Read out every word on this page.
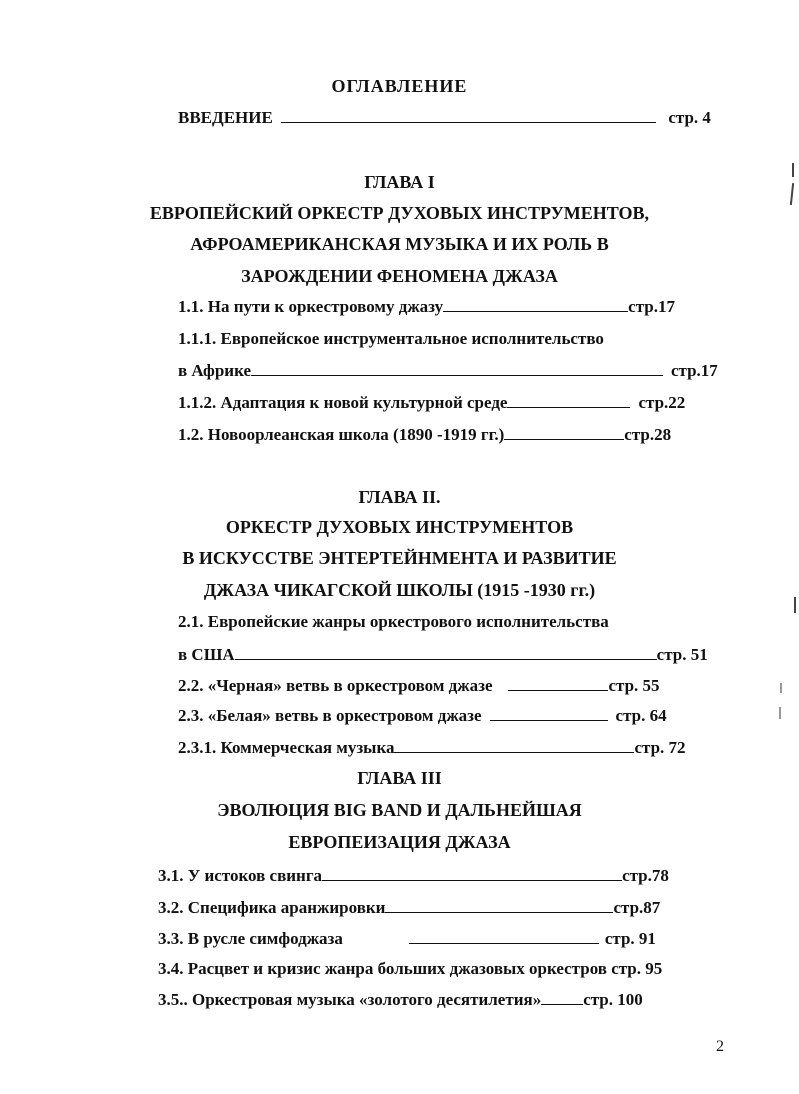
ОГЛАВЛЕНИЕ
ВВЕДЕНИЕ	стр. 4
ГЛАВА I
ЕВРОПЕЙСКИЙ ОРКЕСТР ДУХОВЫХ ИНСТРУМЕНТОВ,
АФРОАМЕРИКАНСКАЯ МУЗЫКА И ИХ РОЛЬ В
ЗАРОЖДЕНИИ ФЕНОМЕНА ДЖАЗА
1.1. На пути к оркестровому джазу	стр.17
1.1.1. Европейское инструментальное исполнительство
в Африке	стр.17
1.1.2. Адаптация к новой культурной среде	стр.22
1.2. Новоорлеанская школа (1890 -1919 гг.)	стр.28
ГЛАВА II.
ОРКЕСТР ДУХОВЫХ ИНСТРУМЕНТОВ
В ИСКУССТВЕ ЭНТЕРТЕЙНМЕНТА И РАЗВИТИЕ
ДЖАЗА ЧИКАГСКОЙ ШКОЛЫ (1915 -1930 гг.)
2.1. Европейские жанры оркестрового исполнительства
в США	стр. 51
2.2. «Черная» ветвь в оркестровом джазе	стр. 55
2.3. «Белая» ветвь в оркестровом джазе	стр. 64
2.3.1. Коммерческая музыка	стр. 72
ГЛАВА III
ЭВОЛЮЦИЯ BIG BAND И ДАЛЬНЕЙШАЯ
ЕВРОПЕИЗАЦИЯ ДЖАЗА
3.1. У истоков свинга	стр.78
3.2. Специфика аранжировки	стр.87
3.3. В русле симфоджаза	стр. 91
3.4. Расцвет и кризис жанра больших джазовых оркестров стр. 95
3.5.. Оркестровая музыка «золотого десятилетия» стр. 100
2
